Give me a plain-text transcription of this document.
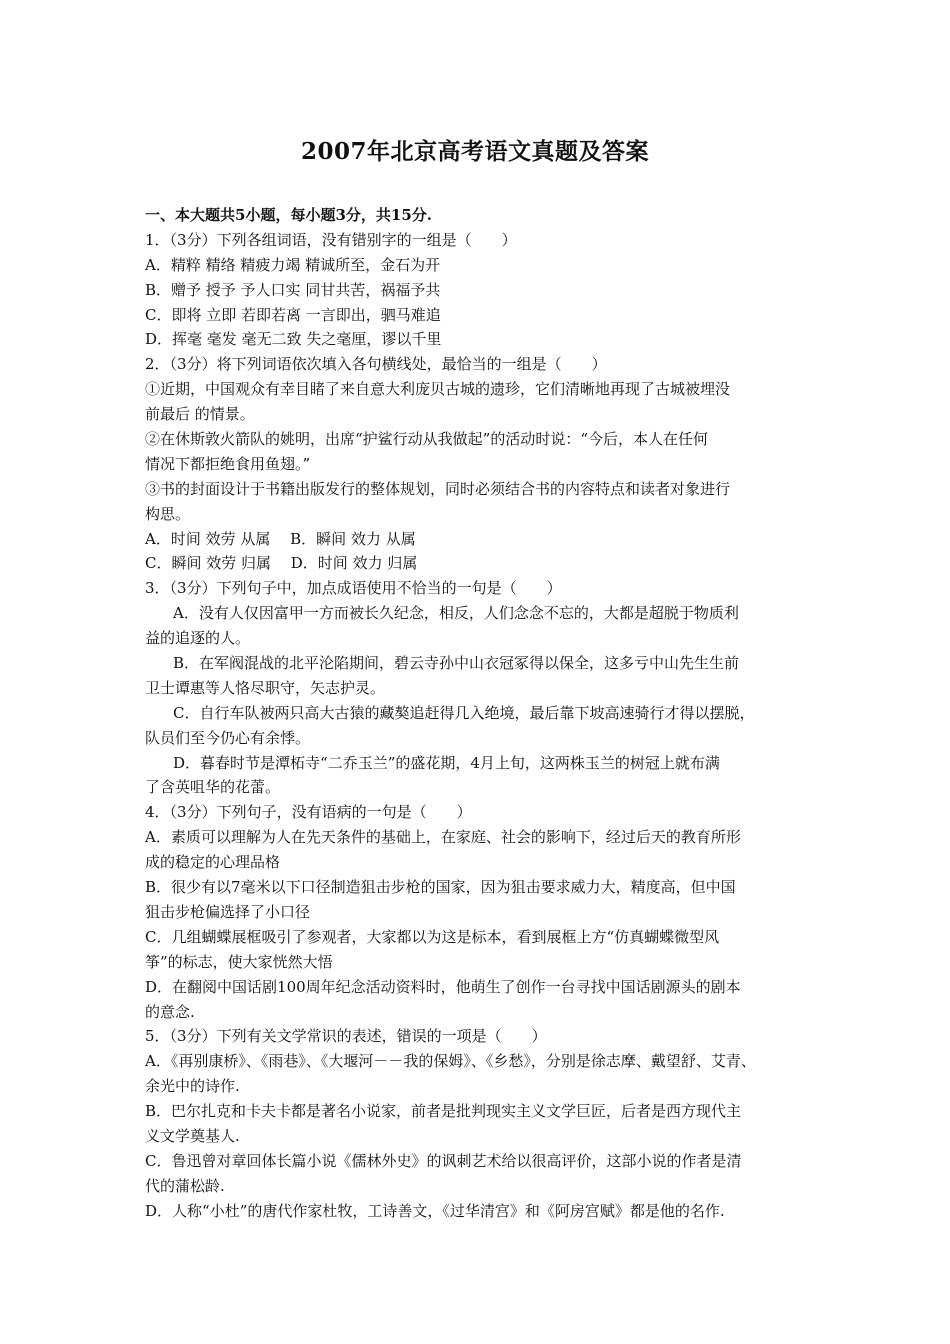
2007年北京高考语文真题及答案
一、本大题共5小题，每小题3分，共15分.
1．（3分）下列各组词语，没有错别字的一组是（　　）
A．精粹 精络 精疲力竭 精诚所至，金石为开
B．赠予 授予 予人口实 同甘共苦，祸福予共
C．即将 立即 若即若离 一言即出，驷马难追
D．挥毫 毫发 毫无二致 失之毫厘，谬以千里
2．（3分）将下列词语依次填入各句横线处，最恰当的一组是（　　）
①近期，中国观众有幸目睹了来自意大利庞贝古城的遗珍，它们清晰地再现了古城被埋没
前最后 的情景。
②在休斯敦火箭队的姚明，出席“护鲨行动从我做起”的活动时说：“今后，本人在任何
情况下都拒绝食用鱼翅。”
③书的封面设计于书籍出版发行的整体规划，同时必须结合书的内容特点和读者对象进行
构思。
A．时间 效劳 从属　 B．瞬间 效力 从属
C．瞬间 效劳 归属　 D．时间 效力 归属
3．（3分）下列句子中，加点成语使用不恰当的一句是（　　）
A．没有人仅因富甲一方而被长久纪念，相反，人们念念不忘的，大都是超脱于物质利
益的追逐的人。
B．在军阀混战的北平沦陷期间，碧云寺孙中山衣冠冢得以保全，这多亏中山先生生前
卫士谭惠等人恪尽职守，矢志护灵。
C．自行车队被两只高大古猿的藏獒追赶得几入绝境，最后靠下坡高速骑行才得以摆脱，
队员们至今仍心有余悸。
D．暮春时节是潭柘寺“二乔玉兰”的盛花期，4月上旬，这两株玉兰的树冠上就布满
了含英咀华的花蕾。
4．（3分）下列句子，没有语病的一句是（　　）
A．素质可以理解为人在先天条件的基础上，在家庭、社会的影响下，经过后天的教育所形
成的稳定的心理品格
B．很少有以7毫米以下口径制造狙击步枪的国家，因为狙击要求威力大，精度高，但中国
狙击步枪偏选择了小口径
C．几组蝴蝶展框吸引了参观者，大家都以为这是标本，看到展框上方“仿真蝴蝶微型风
筝”的标志，使大家恍然大悟
D．在翻阅中国话剧100周年纪念活动资料时，他萌生了创作一台寻找中国话剧源头的剧本
的意念.
5．（3分）下列有关文学常识的表述，错误的一项是（　　）
A．《再别康桥》、《雨巷》、《大堰河－－我的保姆》、《乡愁》，分别是徐志摩、戴望舒、艾青、
余光中的诗作.
B．巴尔扎克和卡夫卡都是著名小说家，前者是批判现实主义文学巨匠，后者是西方现代主
义文学奠基人.
C．鲁迅曾对章回体长篇小说《儒林外史》的讽刺艺术给以很高评价，这部小说的作者是清
代的蒲松龄.
D．人称“小杜”的唐代作家杜牧，工诗善文，《过华清宫》和《阿房宫赋》都是他的名作.
